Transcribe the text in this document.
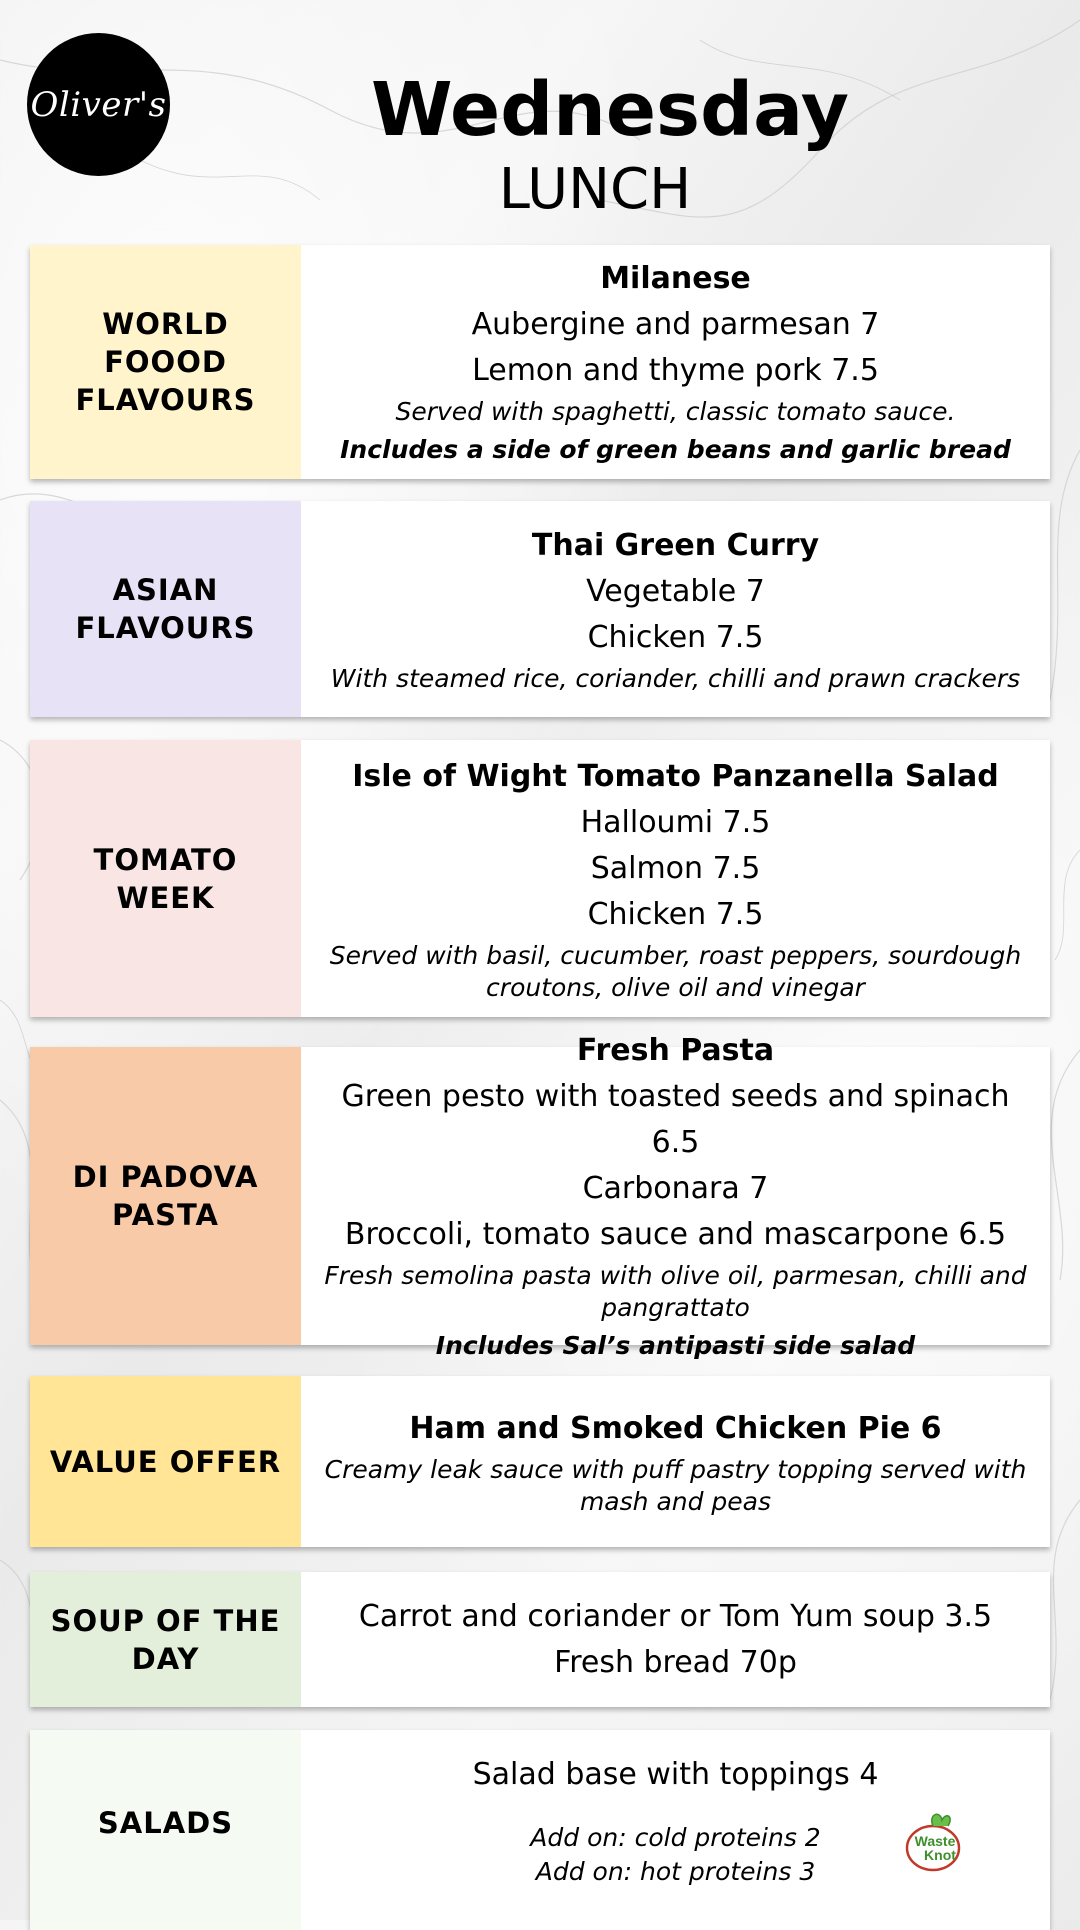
Oliver's	Wednesday
LUNCH
WORLD FOOOD FLAVOURS
Milanese
Aubergine and parmesan 7
Lemon and thyme pork 7.5
Served with spaghetti, classic tomato sauce.
Includes a side of green beans and garlic bread
ASIAN FLAVOURS
Thai Green Curry
Vegetable 7
Chicken 7.5
With steamed rice, coriander, chilli and prawn crackers
TOMATO WEEK
Isle of Wight Tomato Panzanella Salad
Halloumi 7.5
Salmon 7.5
Chicken 7.5
Served with basil, cucumber, roast peppers, sourdough croutons, olive oil and vinegar
DI PADOVA PASTA
Fresh Pasta
Green pesto with toasted seeds and spinach 6.5
Carbonara 7
Broccoli, tomato sauce and mascarpone 6.5
Fresh semolina pasta with olive oil, parmesan, chilli and pangrattato
Includes Sal’s antipasti side salad
VALUE OFFER
Ham and Smoked Chicken Pie 6
Creamy leak sauce with puff pastry topping served with mash and peas
SOUP OF THE DAY
Carrot and coriander or Tom Yum soup 3.5
Fresh bread 70p
SALADS
Salad base with toppings 4
Add on: cold proteins 2
Add on: hot proteins 3
Waste
Knot
